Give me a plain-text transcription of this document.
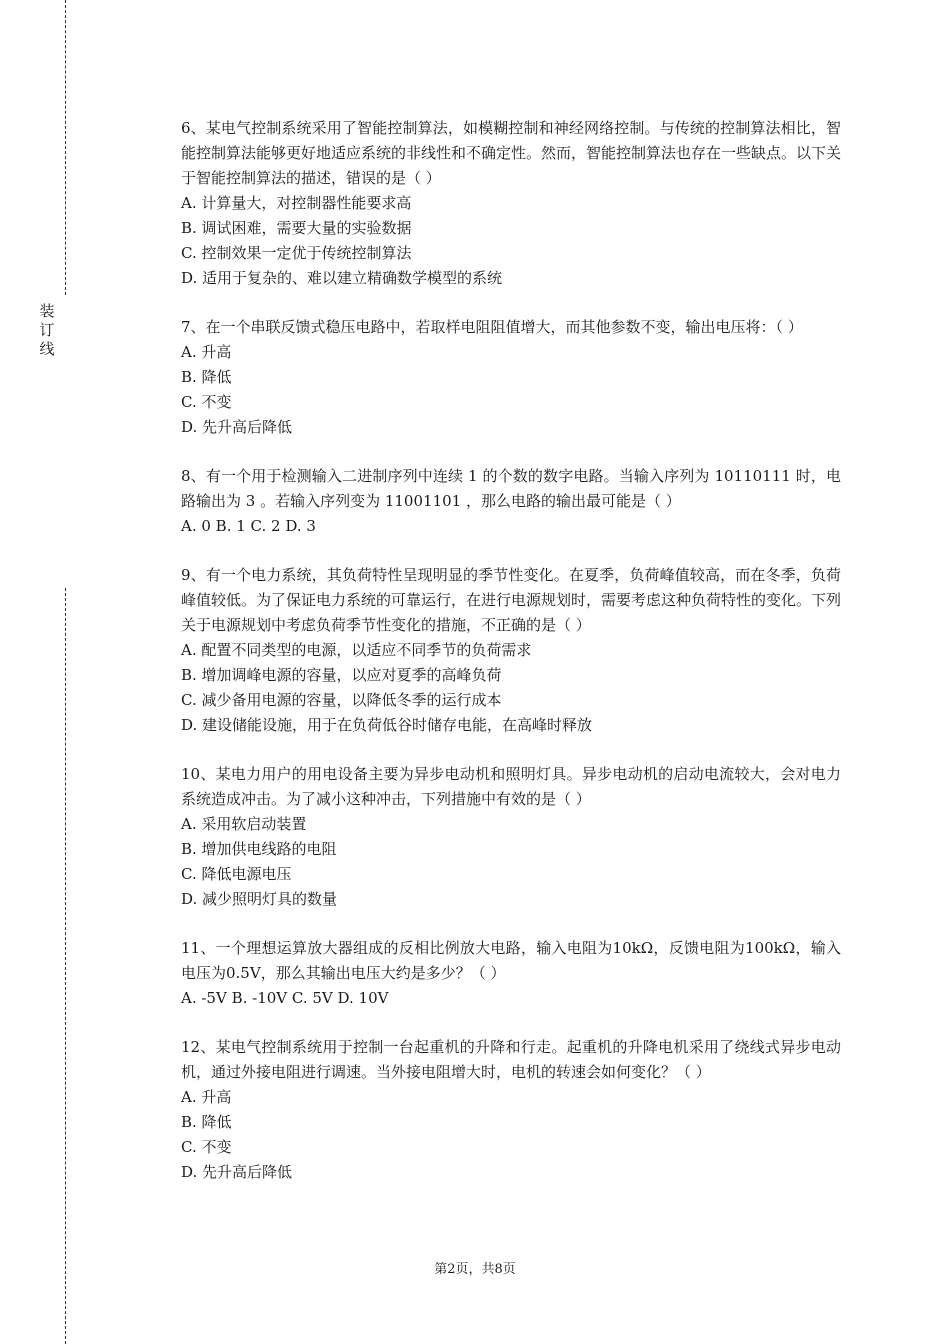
装
订
线

6、某电气控制系统采用了智能控制算法，如模糊控制和神经网络控制。与传统的控制算法相比，智能控制算法能够更好地适应系统的非线性和不确定性。然而，智能控制算法也存在一些缺点。以下关于智能控制算法的描述，错误的是（ ）

A. 计算量大，对控制器性能要求高

B. 调试困难，需要大量的实验数据

C. 控制效果一定优于传统控制算法

D. 适用于复杂的、难以建立精确数学模型的系统

7、在一个串联反馈式稳压电路中，若取样电阻阻值增大，而其他参数不变，输出电压将：（ ）

A. 升高

B. 降低

C. 不变

D. 先升高后降低

8、有一个用于检测输入二进制序列中连续 1 的个数的数字电路。当输入序列为 10110111 时，电路输出为 3 。若输入序列变为 11001101 ，那么电路的输出最可能是（ ）

A. 0 B. 1 C. 2 D. 3

9、有一个电力系统，其负荷特性呈现明显的季节性变化。在夏季，负荷峰值较高，而在冬季，负荷峰值较低。为了保证电力系统的可靠运行，在进行电源规划时，需要考虑这种负荷特性的变化。下列关于电源规划中考虑负荷季节性变化的措施，不正确的是（ ）

A. 配置不同类型的电源，以适应不同季节的负荷需求

B. 增加调峰电源的容量，以应对夏季的高峰负荷

C. 减少备用电源的容量，以降低冬季的运行成本

D. 建设储能设施，用于在负荷低谷时储存电能，在高峰时释放

10、某电力用户的用电设备主要为异步电动机和照明灯具。异步电动机的启动电流较大，会对电力系统造成冲击。为了减小这种冲击，下列措施中有效的是（ ）

A. 采用软启动装置

B. 增加供电线路的电阻

C. 降低电源电压

D. 减少照明灯具的数量

11、一个理想运算放大器组成的反相比例放大电路，输入电阻为10kΩ，反馈电阻为100kΩ，输入电压为0.5V，那么其输出电压大约是多少？（ ）

A. -5V B. -10V C. 5V D. 10V

12、某电气控制系统用于控制一台起重机的升降和行走。起重机的升降电机采用了绕线式异步电动机，通过外接电阻进行调速。当外接电阻增大时，电机的转速会如何变化？（ ）

A. 升高

B. 降低

C. 不变

D. 先升高后降低

第2页，共8页
